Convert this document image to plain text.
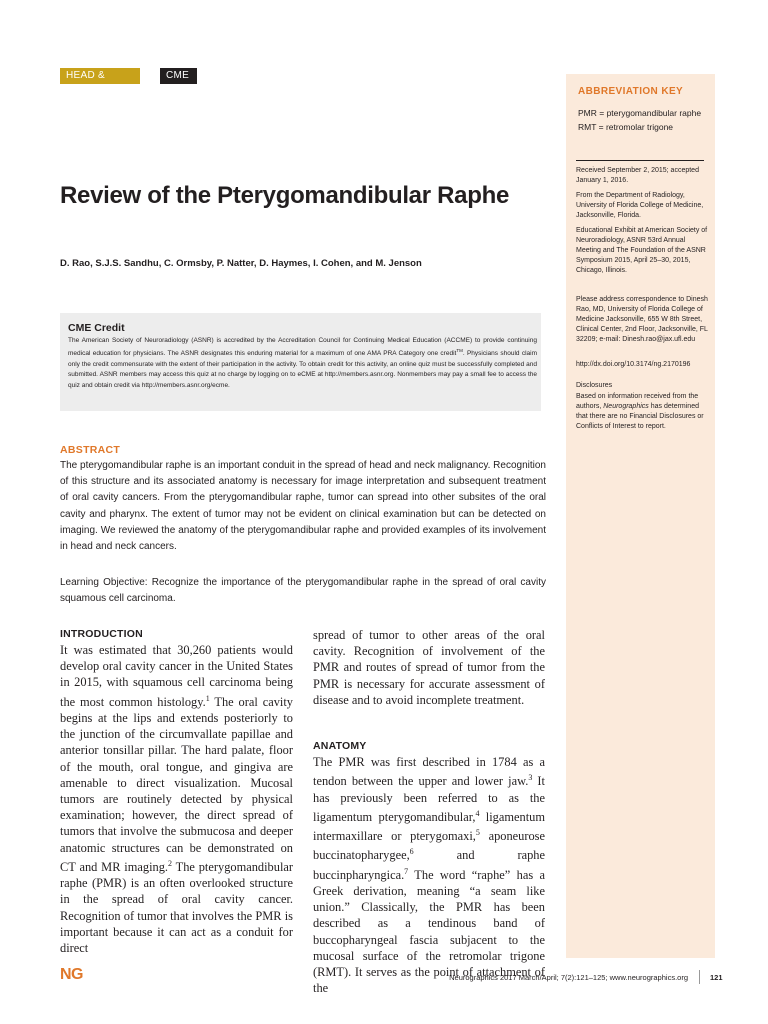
HEAD & NECK
CME
ABBREVIATION KEY
PMR = pterygomandibular raphe
RMT = retromolar trigone
Received September 2, 2015; accepted January 1, 2016.
From the Department of Radiology, University of Florida College of Medicine, Jacksonville, Florida.
Educational Exhibit at American Society of Neuroradiology, ASNR 53rd Annual Meeting and The Foundation of the ASNR Symposium 2015, April 25–30, 2015, Chicago, Illinois.
Please address correspondence to Dinesh Rao, MD, University of Florida College of Medicine Jacksonville, 655 W 8th Street, Clinical Center, 2nd Floor, Jacksonville, FL 32209; e-mail: Dinesh.rao@jax.ufl.edu
http://dx.doi.org/10.3174/ng.2170196
Disclosures
Based on information received from the authors, Neurographics has determined that there are no Financial Disclosures or Conflicts of Interest to report.
Review of the Pterygomandibular Raphe
D. Rao, S.J.S. Sandhu, C. Ormsby, P. Natter, D. Haymes, I. Cohen, and M. Jenson
CME Credit
The American Society of Neuroradiology (ASNR) is accredited by the Accreditation Council for Continuing Medical Education (ACCME) to provide continuing medical education for physicians. The ASNR designates this enduring material for a maximum of one AMA PRA Category one credit™. Physicians should claim only the credit commensurate with the extent of their participation in the activity. To obtain credit for this activity, an online quiz must be successfully completed and submitted. ASNR members may access this quiz at no charge by logging on to eCME at http://members.asnr.org. Nonmembers may pay a small fee to access the quiz and obtain credit via http://members.asnr.org/ecme.
ABSTRACT
The pterygomandibular raphe is an important conduit in the spread of head and neck malignancy. Recognition of this structure and its associated anatomy is necessary for image interpretation and subsequent treatment of oral cavity cancers. From the pterygomandibular raphe, tumor can spread into other subsites of the oral cavity and pharynx. The extent of tumor may not be evident on clinical examination but can be detected on imaging. We reviewed the anatomy of the pterygomandibular raphe and provided examples of its involvement in head and neck cancers.
Learning Objective: Recognize the importance of the pterygomandibular raphe in the spread of oral cavity squamous cell carcinoma.
INTRODUCTION
It was estimated that 30,260 patients would develop oral cavity cancer in the United States in 2015, with squamous cell carcinoma being the most common histology.$^1$ The oral cavity begins at the lips and extends posteriorly to the junction of the circumvallate papillae and anterior tonsillar pillar. The hard palate, floor of the mouth, oral tongue, and gingiva are amenable to direct visualization. Mucosal tumors are routinely detected by physical examination; however, the direct spread of tumors that involve the submucosa and deeper anatomic structures can be demonstrated on CT and MR imaging.$^2$ The pterygomandibular raphe (PMR) is an often overlooked structure in the spread of oral cavity cancer. Recognition of tumor that involves the PMR is important because it can act as a conduit for direct
spread of tumor to other areas of the oral cavity. Recognition of involvement of the PMR and routes of spread of tumor from the PMR is necessary for accurate assessment of disease and to avoid incomplete treatment.
ANATOMY
The PMR was first described in 1784 as a tendon between the upper and lower jaw.$^3$ It has previously been referred to as the ligamentum pterygomandibular,$^4$ ligamentum intermaxillare or pterygomaxi,$^5$ aponeurose buccinatopharygee,$^6$ and raphe buccinpharyngica.$^7$ The word “raphe” has a Greek derivation, meaning “a seam like union.” Classically, the PMR has been described as a tendinous band of buccopharyngeal fascia subjacent to the mucosal surface of the retromolar trigone (RMT). It serves as the point of attachment of the
NG	Neurographics 2017 March/April; 7(2):121–125; www.neurographics.org	121
